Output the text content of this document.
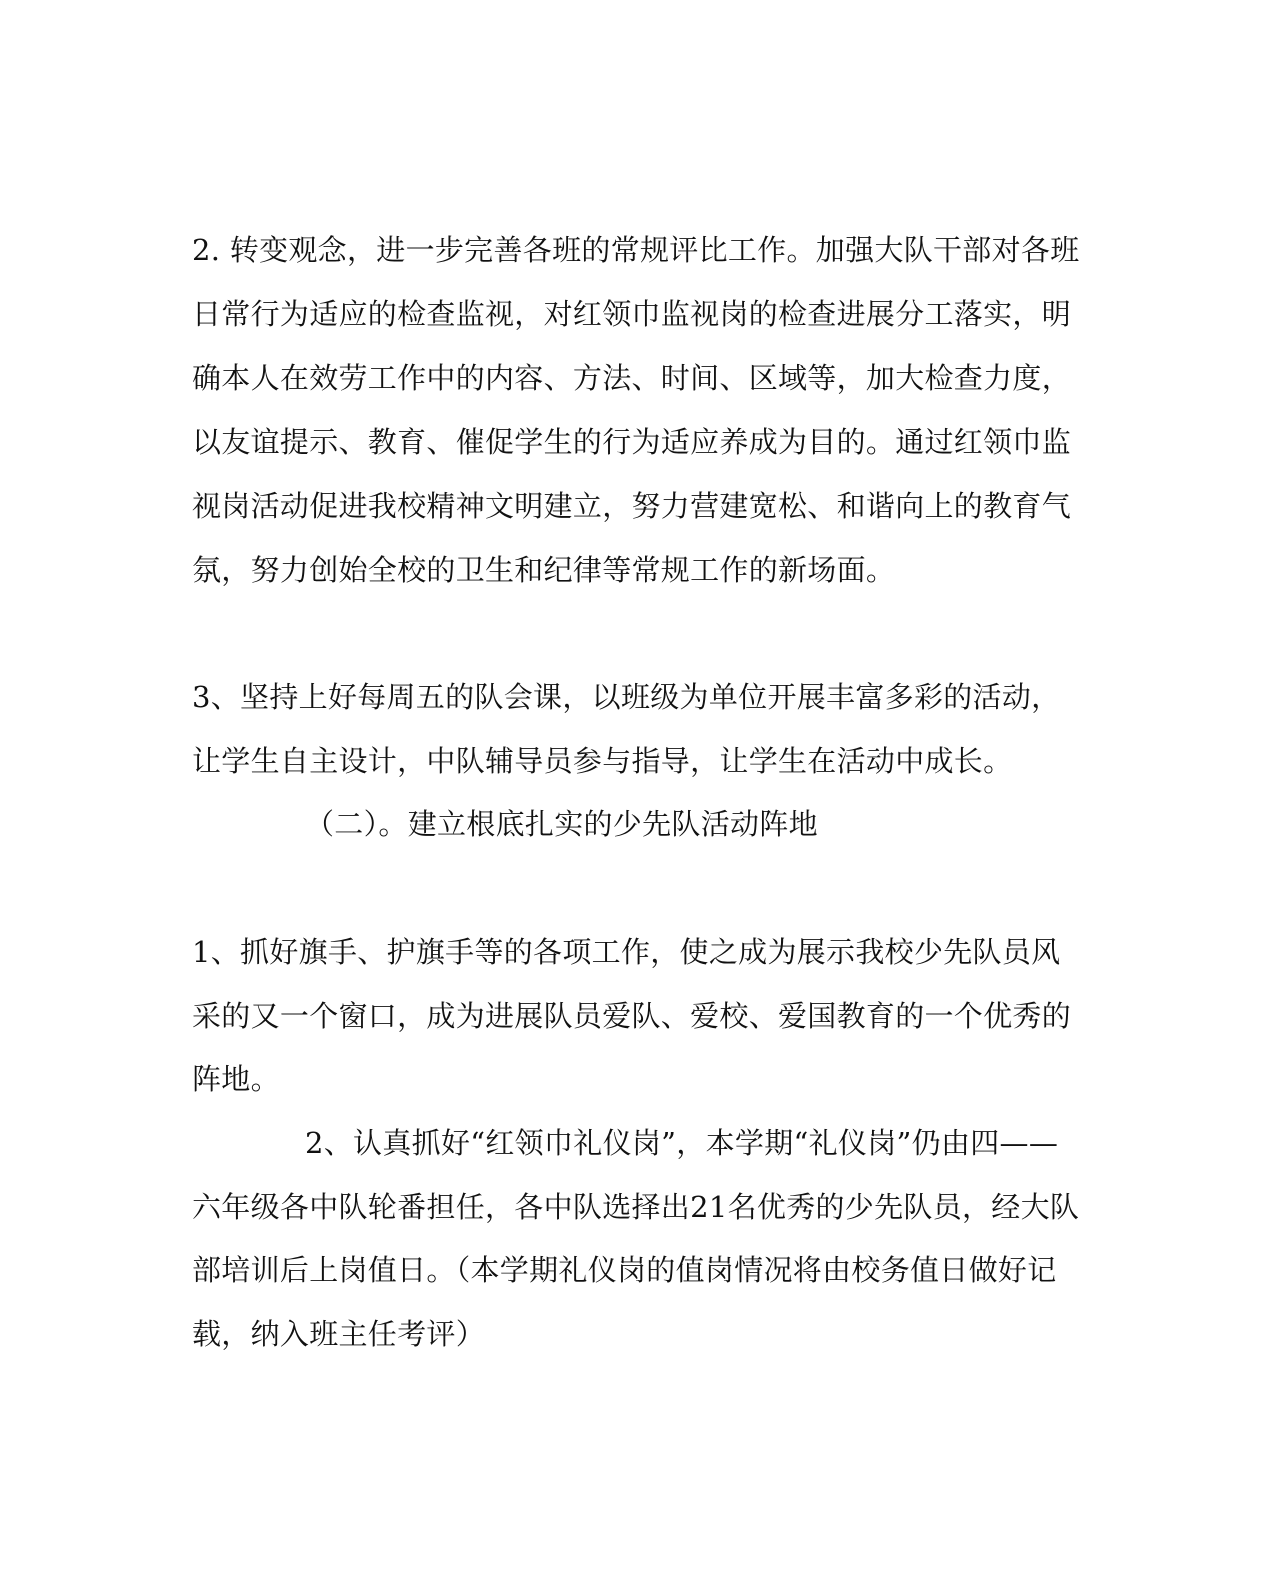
2. 转变观念，进一步完善各班的常规评比工作。加强大队干部对各班
日常行为适应的检查监视，对红领巾监视岗的检查进展分工落实，明
确本人在效劳工作中的内容、方法、时间、区域等，加大检查力度，
以友谊提示、教育、催促学生的行为适应养成为目的。通过红领巾监
视岗活动促进我校精神文明建立，努力营建宽松、和谐向上的教育气
氛，努力创始全校的卫生和纪律等常规工作的新场面。
3、坚持上好每周五的队会课，以班级为单位开展丰富多彩的活动，
让学生自主设计，中队辅导员参与指导，让学生在活动中成长。
（二）。建立根底扎实的少先队活动阵地
1、抓好旗手、护旗手等的各项工作，使之成为展示我校少先队员风
采的又一个窗口，成为进展队员爱队、爱校、爱国教育的一个优秀的
阵地。
2、认真抓好“红领巾礼仪岗”，本学期“礼仪岗”仍由四——
六年级各中队轮番担任，各中队选择出21名优秀的少先队员，经大队
部培训后上岗值日。（本学期礼仪岗的值岗情况将由校务值日做好记
载，纳入班主任考评）
